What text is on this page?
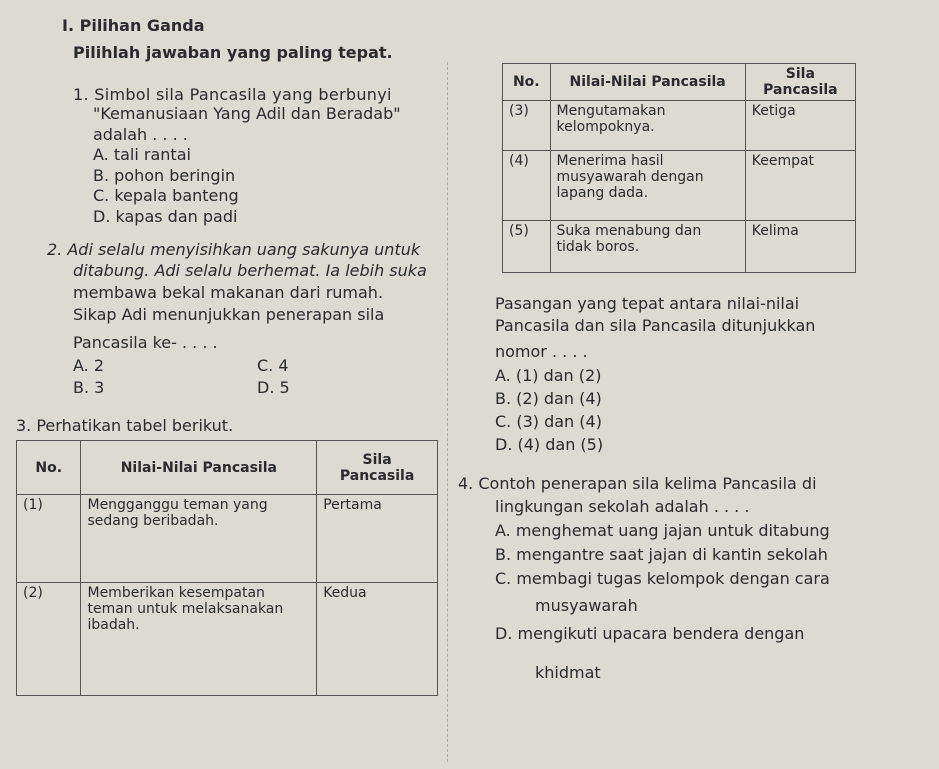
I. Pilihan Ganda
Pilihlah jawaban yang paling tepat.
1. Simbol sila Pancasila yang berbunyi
"Kemanusiaan Yang Adil dan Beradab"
adalah . . . .
A. tali rantai
B. pohon beringin
C. kepala banteng
D. kapas dan padi
2. Adi selalu menyisihkan uang sakunya untuk
ditabung. Adi selalu berhemat. Ia lebih suka
membawa bekal makanan dari rumah.
Sikap Adi menunjukkan penerapan sila
Pancasila ke- . . . .
A. 2
B. 3
C. 4
D. 5
3. Perhatikan tabel berikut.
No.	Nilai-Nilai Pancasila	Sila Pancasila
(1)	Mengganggu teman yang sedang beribadah.	Pertama
(2)	Memberikan kesempatan teman untuk melaksanakan ibadah.	Kedua
No.	Nilai-Nilai Pancasila	Sila Pancasila
(3)	Mengutamakan kelompoknya.	Ketiga
(4)	Menerima hasil musyawarah dengan lapang dada.	Keempat
(5)	Suka menabung dan tidak boros.	Kelima
Pasangan yang tepat antara nilai-nilai
Pancasila dan sila Pancasila ditunjukkan
nomor . . . .
A. (1) dan (2)
B. (2) dan (4)
C. (3) dan (4)
D. (4) dan (5)
4. Contoh penerapan sila kelima Pancasila di
lingkungan sekolah adalah . . . .
A. menghemat uang jajan untuk ditabung
B. mengantre saat jajan di kantin sekolah
C. membagi tugas kelompok dengan cara
musyawarah
D. mengikuti upacara bendera dengan
khidmat
